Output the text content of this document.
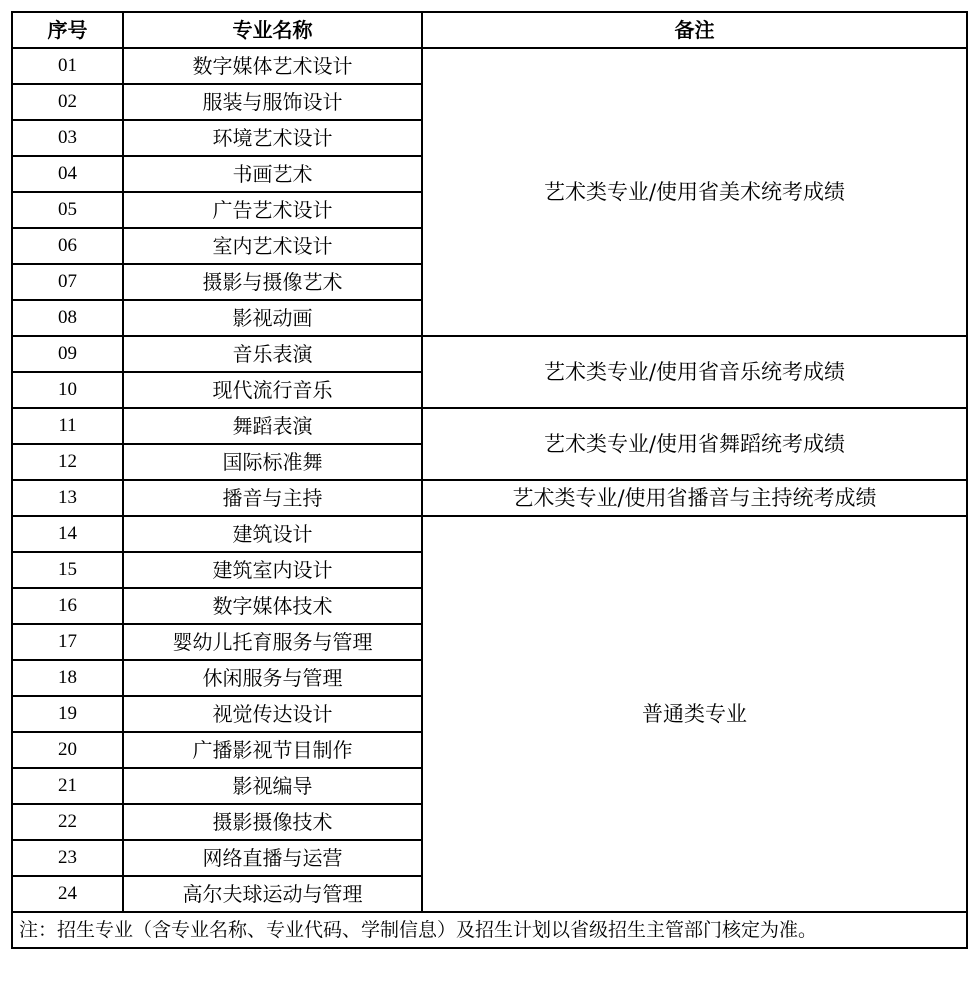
序号	专业名称	备注
01	数字媒体艺术设计	艺术类专业/使用省美术统考成绩
02	服装与服饰设计	
03	环境艺术设计	
04	书画艺术	
05	广告艺术设计	
06	室内艺术设计	
07	摄影与摄像艺术	
08	影视动画	
09	音乐表演	艺术类专业/使用省音乐统考成绩
10	现代流行音乐	
11	舞蹈表演	艺术类专业/使用省舞蹈统考成绩
12	国际标准舞	
13	播音与主持	艺术类专业/使用省播音与主持统考成绩
14	建筑设计	普通类专业
15	建筑室内设计	
16	数字媒体技术	
17	婴幼儿托育服务与管理	
18	休闲服务与管理	
19	视觉传达设计	
20	广播影视节目制作	
21	影视编导	
22	摄影摄像技术	
23	网络直播与运营	
24	高尔夫球运动与管理	
注：招生专业（含专业名称、专业代码、学制信息）及招生计划以省级招生主管部门核定为准。		
